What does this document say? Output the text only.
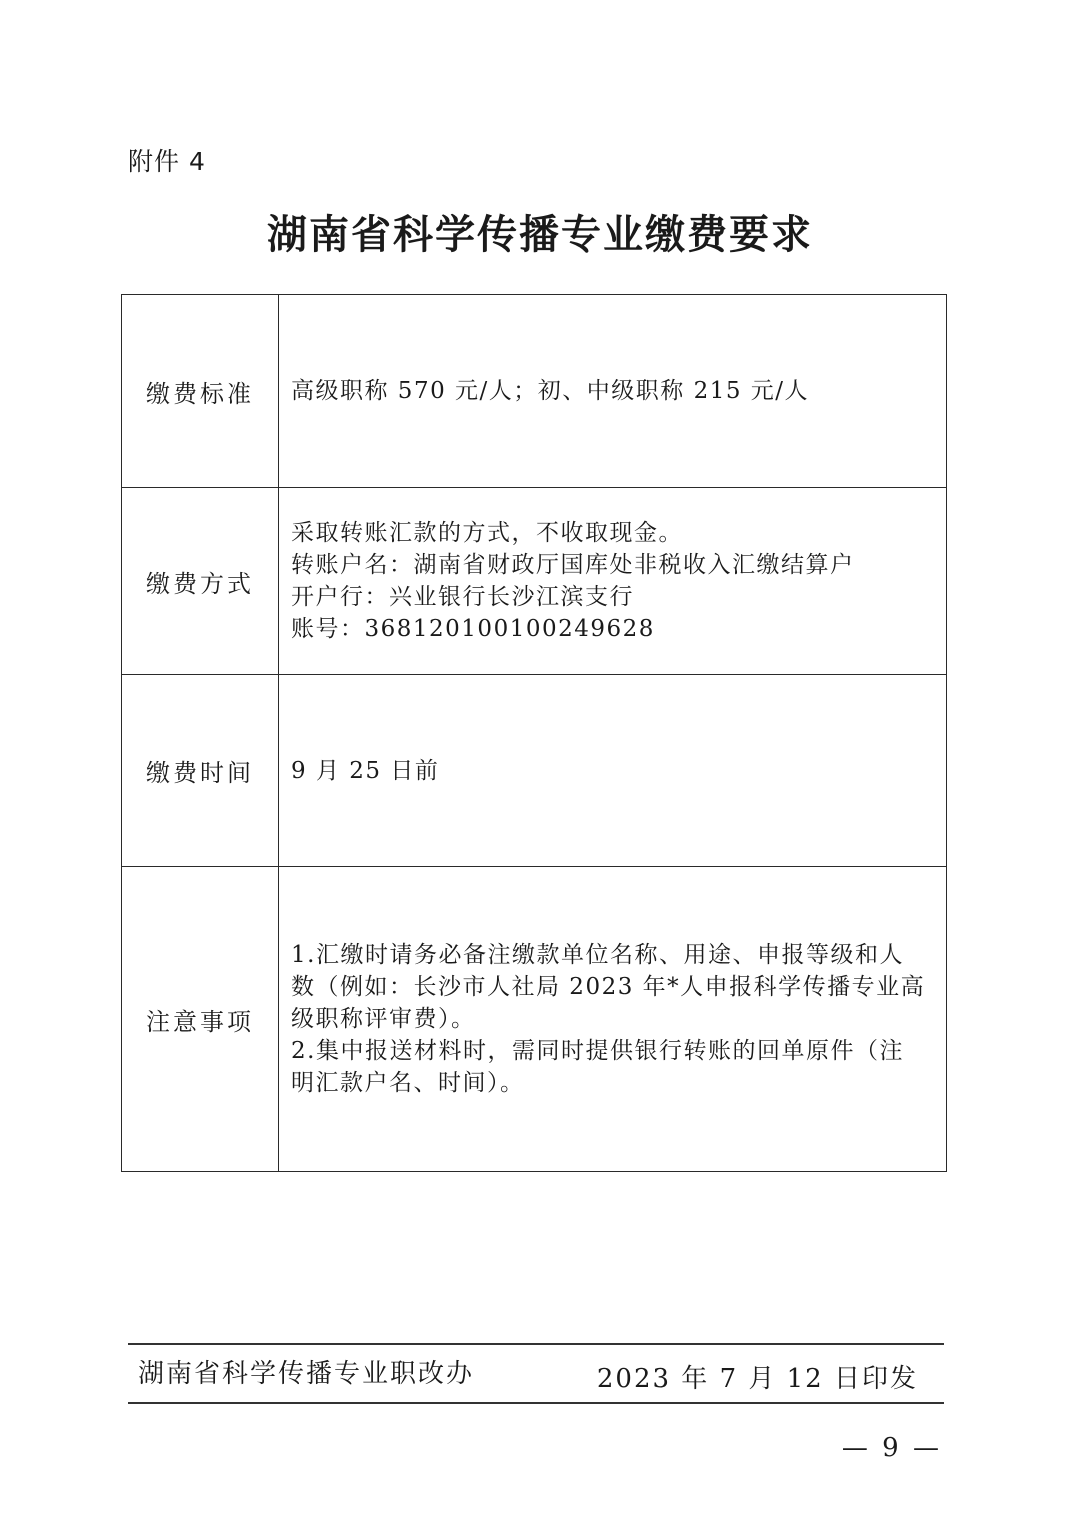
附件 4
湖南省科学传播专业缴费要求
缴费标准	高级职称 570 元/人；初、中级职称 215 元/人

缴费方式	采取转账汇款的方式，不收取现金。
转账户名：湖南省财政厅国库处非税收入汇缴结算户
开户行：兴业银行长沙江滨支行
账号：368120100100249628

缴费时间	9 月 25 日前

注意事项	1.汇缴时请务必备注缴款单位名称、用途、申报等级和人
数（例如：长沙市人社局 2023 年*人申报科学传播专业高
级职称评审费）。
2.集中报送材料时，需同时提供银行转账的回单原件（注
明汇款户名、时间）。
湖南省科学传播专业职改办	2023 年 7 月 12 日印发
— 9 —
